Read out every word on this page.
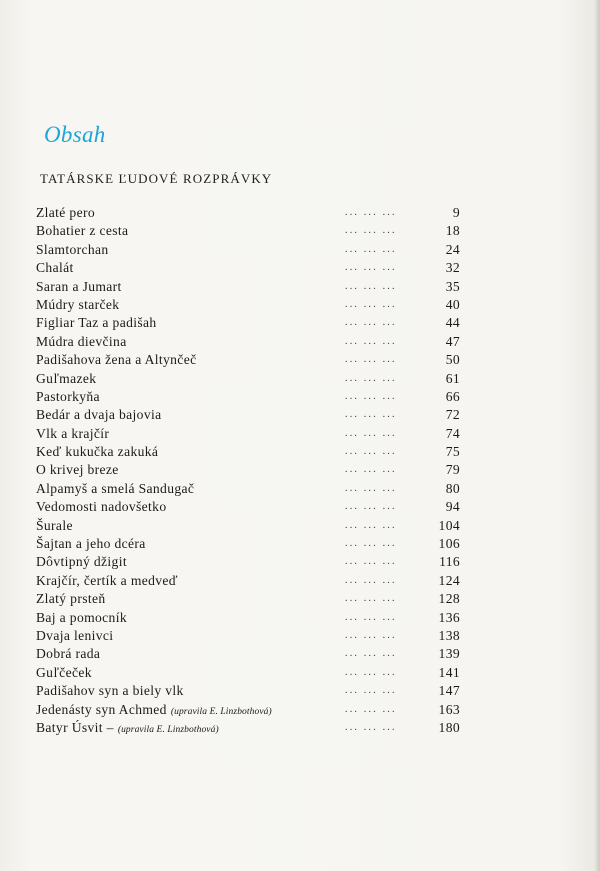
Obsah
TATÁRSKE ĽUDOVÉ ROZPRÁVKY
Zlaté pero	... ... ...	9
Bohatier z cesta	... ... ...	18
Slamtorchan	... ... ...	24
Chalát	... ... ...	32
Saran a Jumart	... ... ...	35
Múdry starček	... ... ...	40
Figliar Taz a padišah	... ... ...	44
Múdra dievčina	... ... ...	47
Padišahova žena a Altynčeč	... ... ...	50
Guľmazek	... ... ...	61
Pastorkyňa	... ... ...	66
Bedár a dvaja bajovia	... ... ...	72
Vlk a krajčír	... ... ...	74
Keď kukučka zakuká	... ... ...	75
O krivej breze	... ... ...	79
Alpamyš a smelá Sandugač	... ... ...	80
Vedomosti nadovšetko	... ... ...	94
Šurale	... ... ...	104
Šajtan a jeho dcéra	... ... ...	106
Dôvtipný džigit	... ... ...	116
Krajčír, čertík a medveď	... ... ...	124
Zlatý prsteň	... ... ...	128
Baj a pomocník	... ... ...	136
Dvaja lenivci	... ... ...	138
Dobrá rada	... ... ...	139
Guľčeček	... ... ...	141
Padišahov syn a biely vlk	... ... ...	147
Jedenásty syn Achmed (upravila E. Linzbothová)	... ... ...	163
Batyr Úsvit – (upravila E. Linzbothová)	... ... ...	180
